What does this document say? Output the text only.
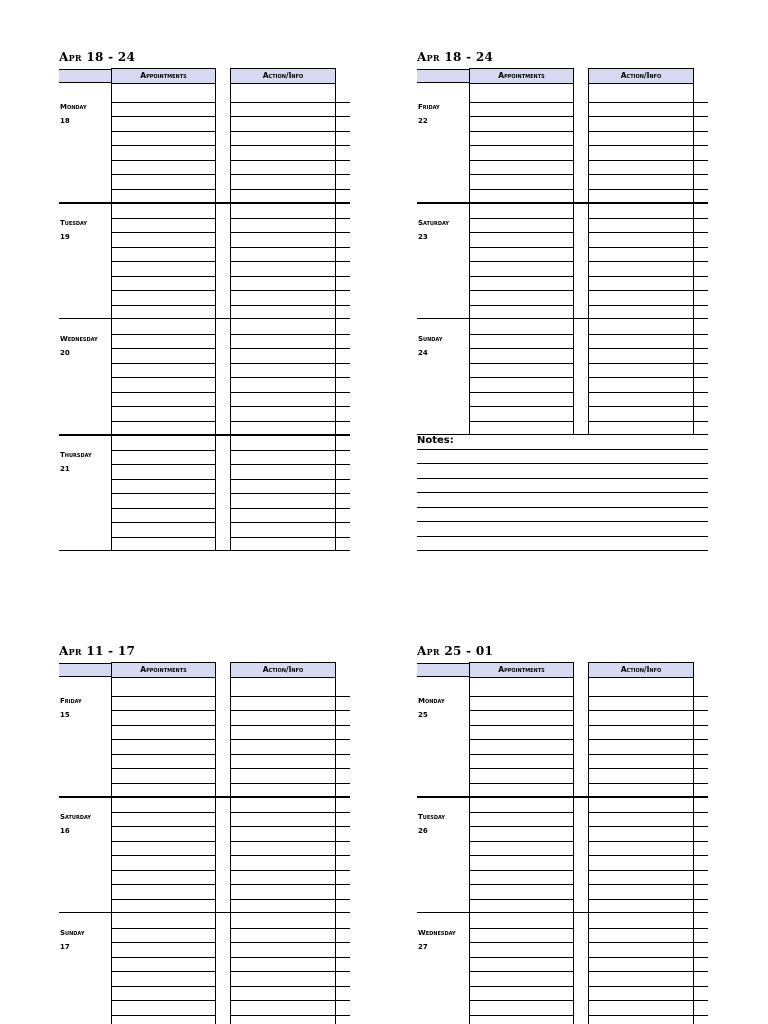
Apr 18 - 24
Appointments	Action/Info
Monday
18
Tuesday
19
Wednesday
20
Thursday
21
Apr 18 - 24
Appointments	Action/Info
Friday
22
Saturday
23
Sunday
24
Notes:
Apr 11 - 17
Appointments	Action/Info
Friday
15
Saturday
16
Sunday
17
Apr 25 - 01
Appointments	Action/Info
Monday
25
Tuesday
26
Wednesday
27
